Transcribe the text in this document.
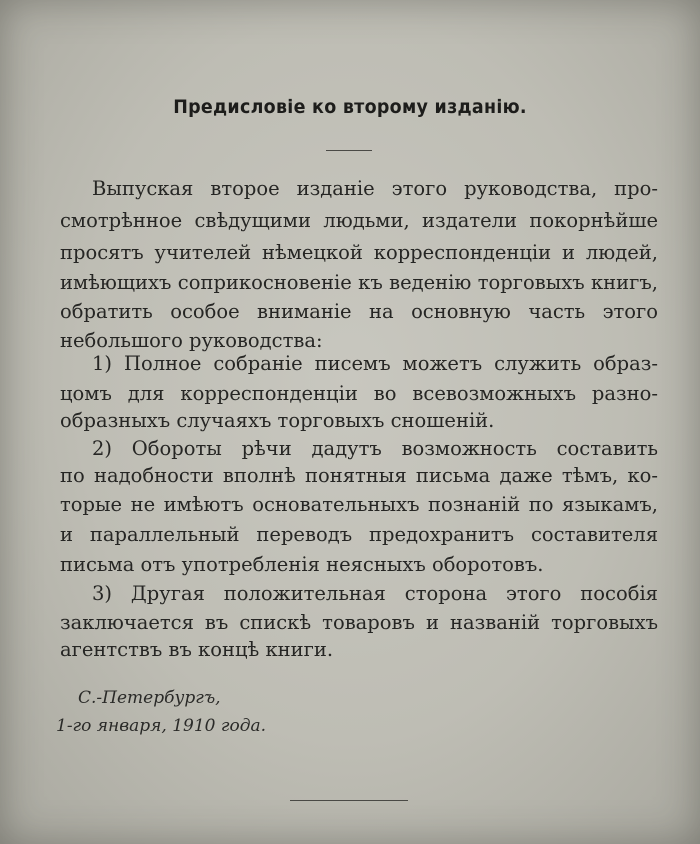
Предисловіе ко второму изданію.
Выпуская второе изданіе этого руководства, про-
смотрѣнное свѣдущими людьми, издатели покорнѣйше
просятъ учителей нѣмецкой корреспонденціи и людей,
имѣющихъ соприкосновеніе къ веденію торговыхъ книгъ,
обратить особое вниманіе на основную часть этого
небольшого руководства:
1) Полное собраніе писемъ можетъ служить образ-
цомъ для корреспонденціи во всевозможныхъ разно-
образныхъ случаяхъ торговыхъ сношеній.
2) Обороты рѣчи дадутъ возможность составить
по надобности вполнѣ понятныя письма даже тѣмъ, ко-
торые не имѣютъ основательныхъ познаній по языкамъ,
и параллельный переводъ предохранитъ составителя
письма отъ употребленія неясныхъ оборотовъ.
3) Другая положительная сторона этого пособія
заключается въ спискѣ товаровъ и названій торговыхъ
агентствъ въ концѣ книги.
С.-Петербургъ,
1-го января, 1910 года.
